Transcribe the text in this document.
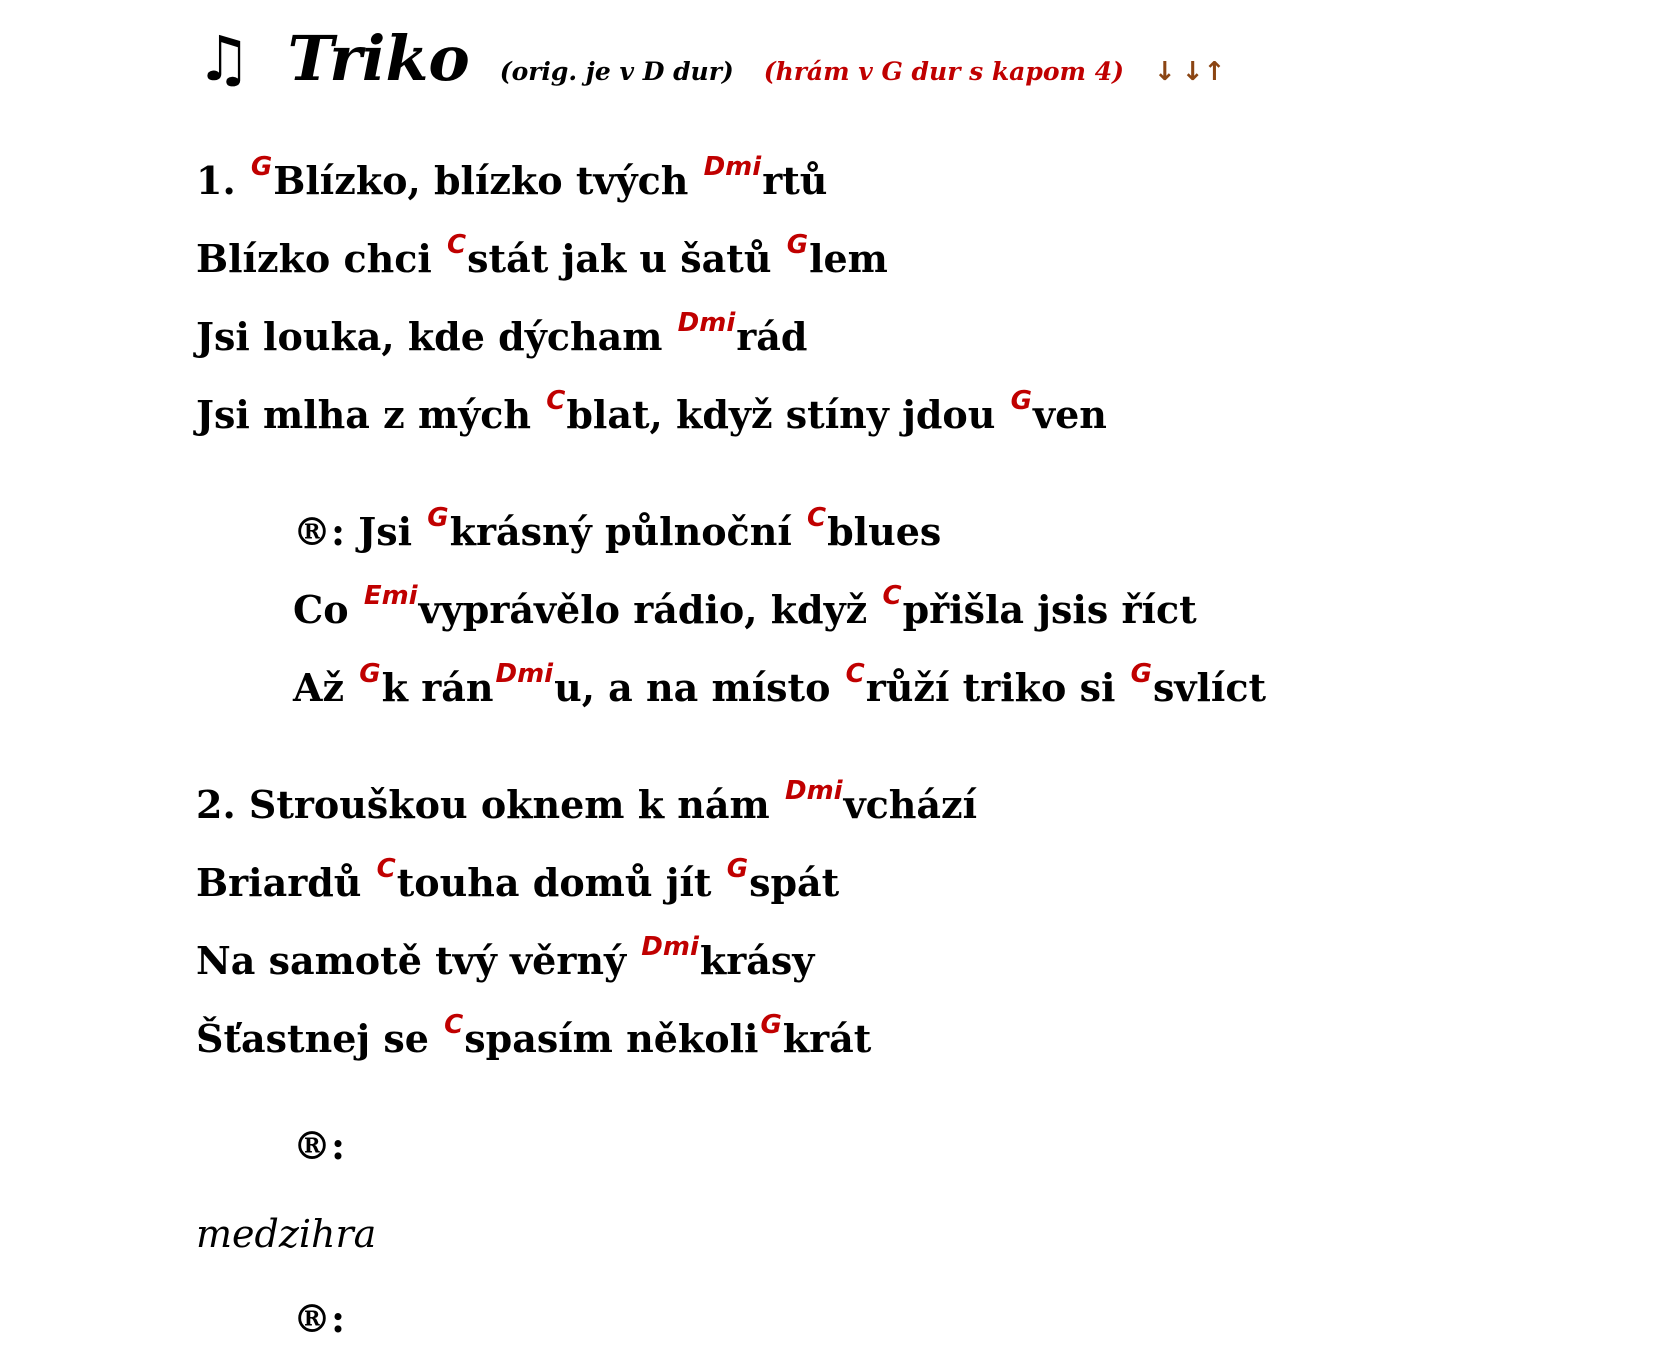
♫ Triko (orig. je v D dur) (hrám v G dur s kapom 4) ↓ ↓↑
1. $^G$Blízko, blízko tvých $^{Dmi}$rtů
Blízko chci $^C$stát jak u šatů $^G$lem
Jsi louka, kde dýcham $^{Dmi}$rád
Jsi mlha z mých $^C$blat, když stíny jdou $^G$ven
®: Jsi $^G$krásný půlnoční $^C$blues
Co $^{Emi}$vyprávělo rádio, když $^C$přišla jsis říct
Až $^G$k rán$^{Dmi}$u, a na místo $^C$růží triko si $^G$svlíct
2. Strouškou oknem k nám $^{Dmi}$vchází
Briardů $^C$touha domů jít $^G$spát
Na samotě tvý věrný $^{Dmi}$krásy
Šťastnej se $^C$spasím několi$^G$krát
®:
medzihra
®:
